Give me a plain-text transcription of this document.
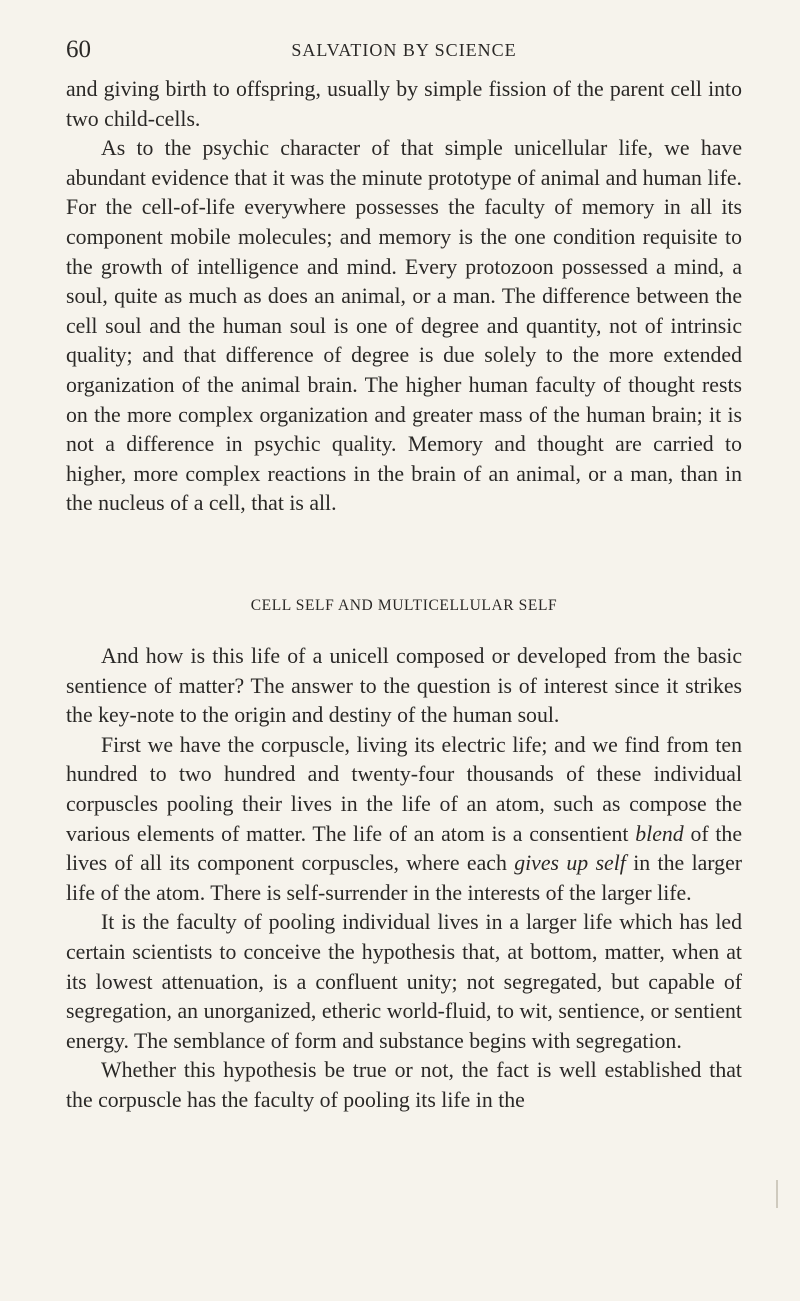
60	SALVATION BY SCIENCE

and giving birth to offspring, usually by simple fission of the parent cell into two child-cells.

As to the psychic character of that simple unicellular life, we have abundant evidence that it was the minute prototype of animal and human life. For the cell-of-life everywhere possesses the faculty of memory in all its component mobile molecules; and memory is the one condition requisite to the growth of intelligence and mind. Every protozoon possessed a mind, a soul, quite as much as does an animal, or a man. The difference between the cell soul and the human soul is one of degree and quantity, not of intrinsic quality; and that difference of degree is due solely to the more extended organization of the animal brain. The higher human faculty of thought rests on the more complex organization and greater mass of the human brain; it is not a difference in psychic quality. Memory and thought are carried to higher, more complex reactions in the brain of an animal, or a man, than in the nucleus of a cell, that is all.

CELL SELF AND MULTICELLULAR SELF

And how is this life of a unicell composed or developed from the basic sentience of matter? The answer to the question is of interest since it strikes the key-note to the origin and destiny of the human soul.

First we have the corpuscle, living its electric life; and we find from ten hundred to two hundred and twenty-four thousands of these individual corpuscles pooling their lives in the life of an atom, such as compose the various elements of matter. The life of an atom is a consentient blend of the lives of all its component corpuscles, where each gives up self in the larger life of the atom. There is self-surrender in the interests of the larger life.

It is the faculty of pooling individual lives in a larger life which has led certain scientists to conceive the hypothesis that, at bottom, matter, when at its lowest attenuation, is a confluent unity; not segregated, but capable of segregation, an unorganized, etheric world-fluid, to wit, sentience, or sentient energy. The semblance of form and substance begins with segregation.

Whether this hypothesis be true or not, the fact is well established that the corpuscle has the faculty of pooling its life in the
